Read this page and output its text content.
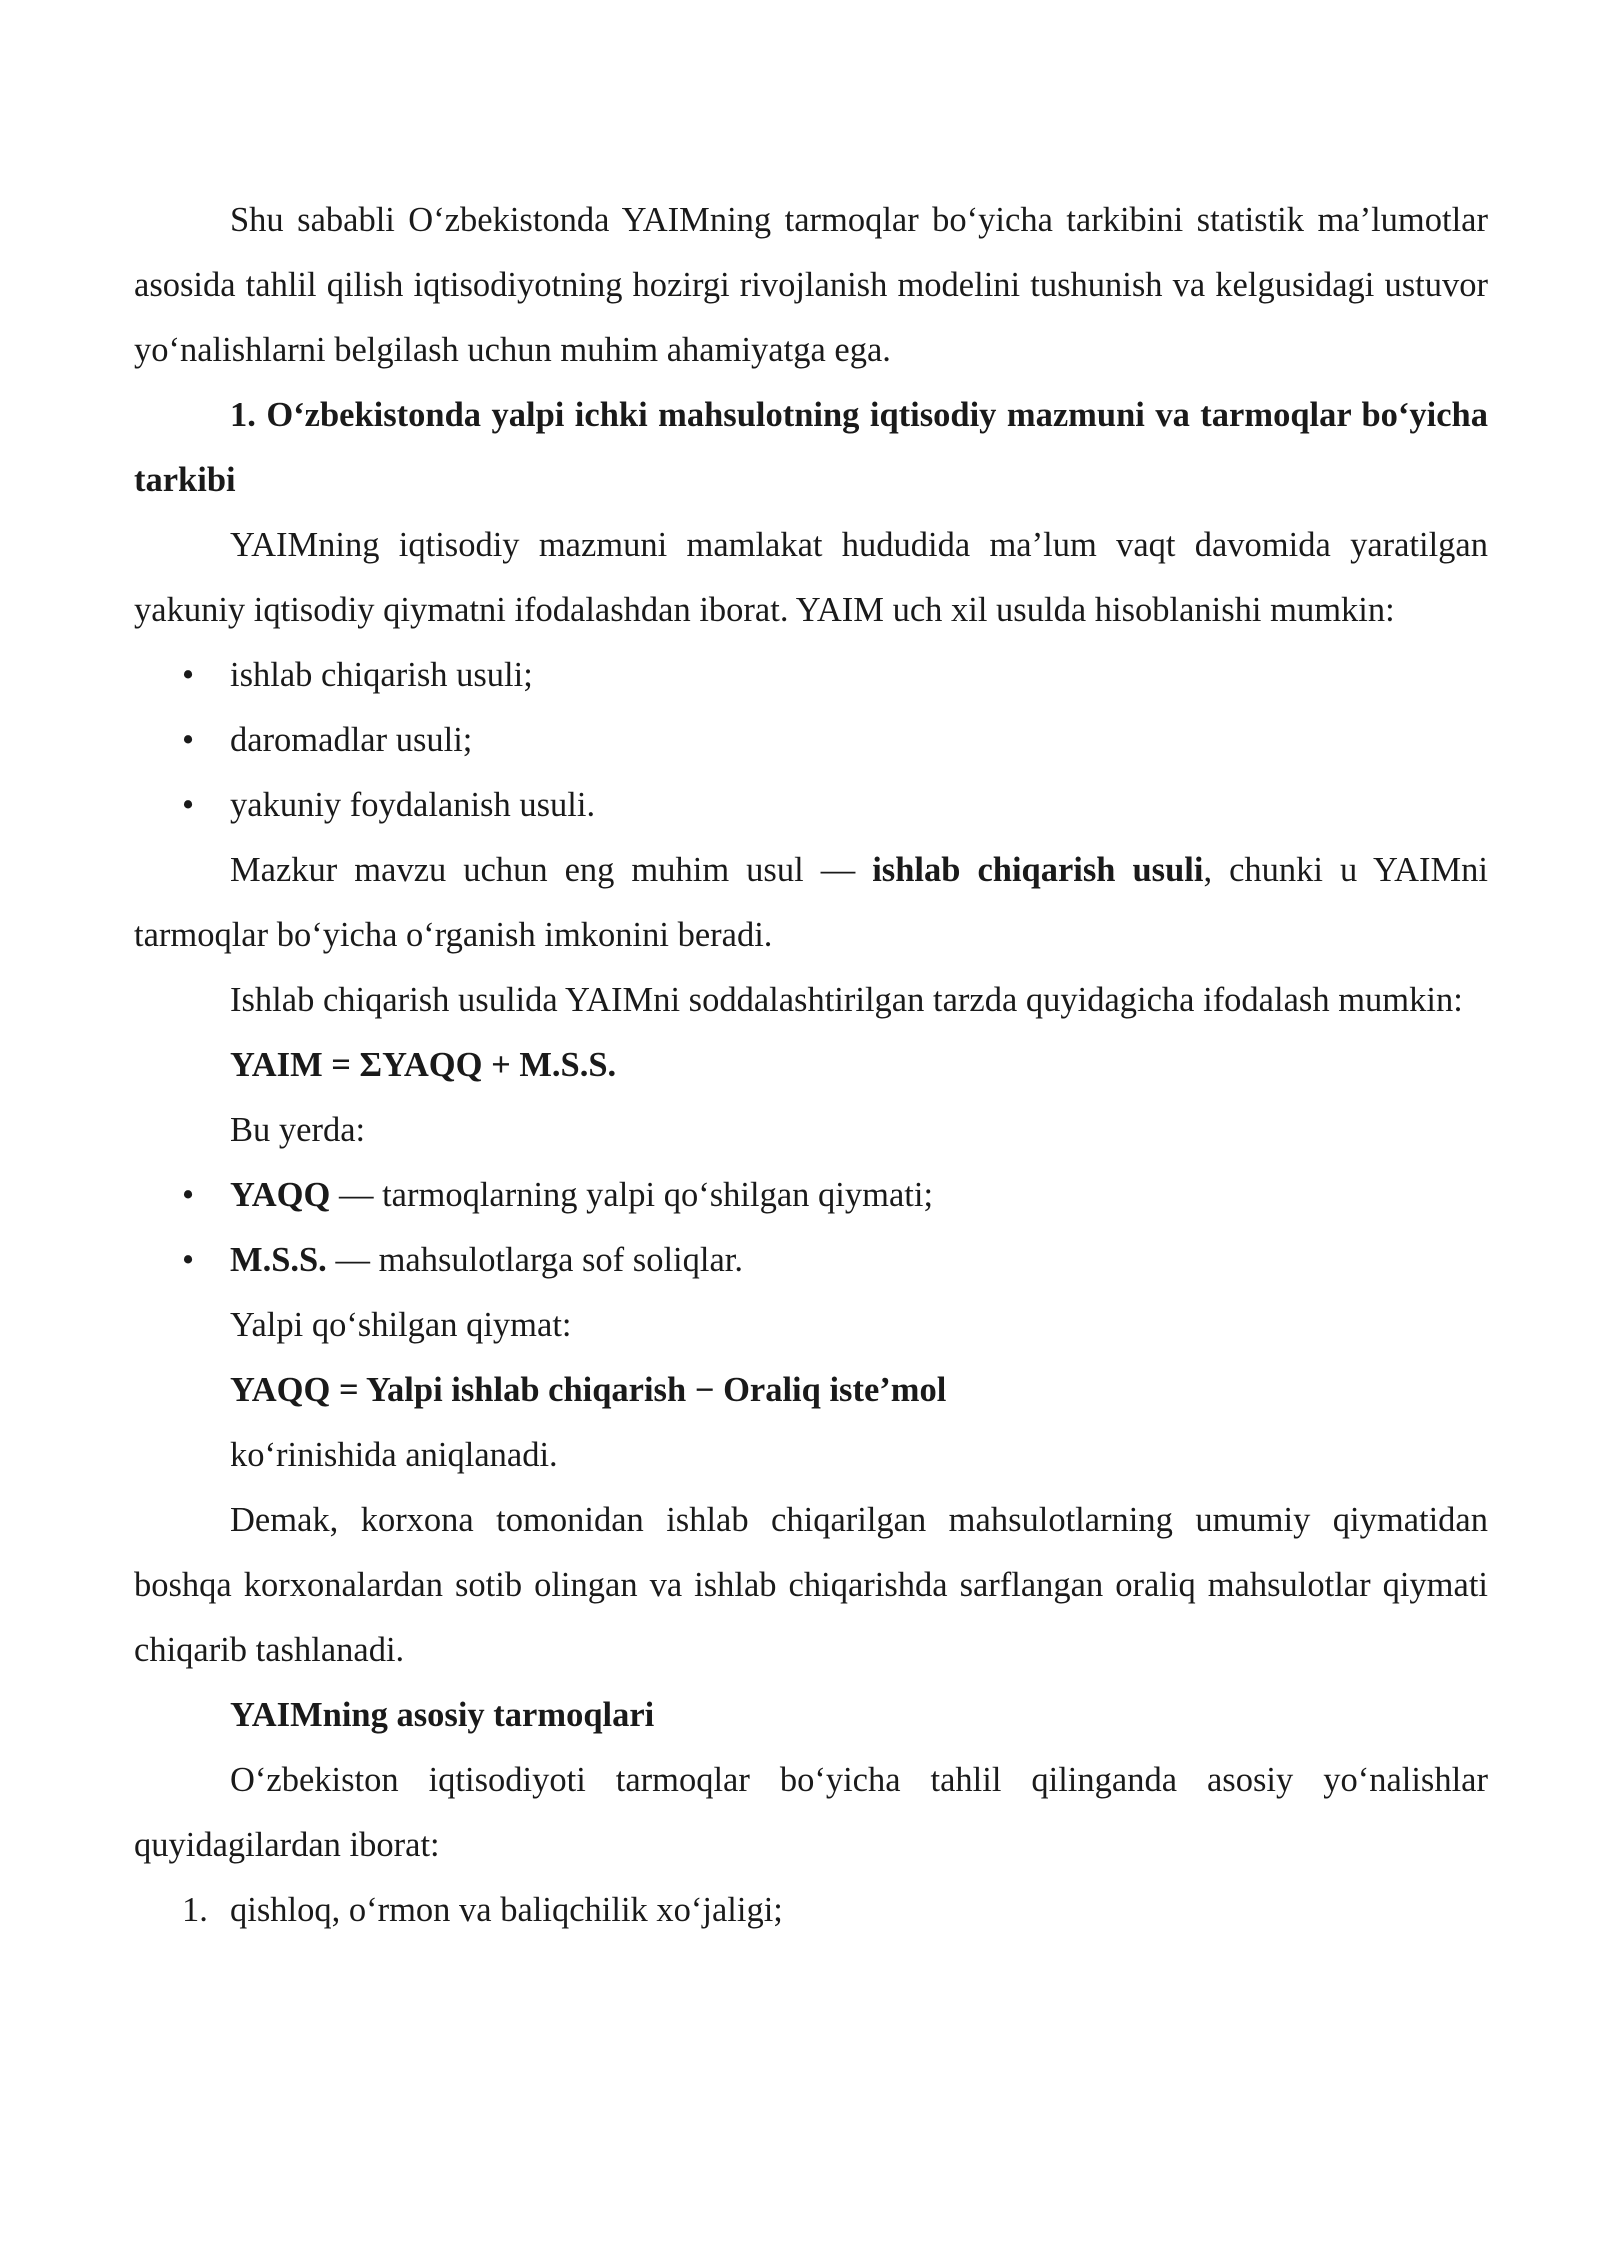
Shu sababli O‘zbekistonda YAIMning tarmoqlar bo‘yicha tarkibini statistik ma’lumotlar asosida tahlil qilish iqtisodiyotning hozirgi rivojlanish modelini tushunish va kelgusidagi ustuvor yo‘nalishlarni belgilash uchun muhim ahamiyatga ega.

1. O‘zbekistonda yalpi ichki mahsulotning iqtisodiy mazmuni va tarmoqlar bo‘yicha tarkibi

YAIMning iqtisodiy mazmuni mamlakat hududida ma’lum vaqt davomida yaratilgan yakuniy iqtisodiy qiymatni ifodalashdan iborat. YAIM uch xil usulda hisoblanishi mumkin:

• ishlab chiqarish usuli;
• daromadlar usuli;
• yakuniy foydalanish usuli.

Mazkur mavzu uchun eng muhim usul — ishlab chiqarish usuli, chunki u YAIMni tarmoqlar bo‘yicha o‘rganish imkonini beradi.

Ishlab chiqarish usulida YAIMni soddalashtirilgan tarzda quyidagicha ifodalash mumkin:

YAIM = ΣYAQQ + M.S.S.

Bu yerda:

• YAQQ — tarmoqlarning yalpi qo‘shilgan qiymati;
• M.S.S. — mahsulotlarga sof soliqlar.

Yalpi qo‘shilgan qiymat:

YAQQ = Yalpi ishlab chiqarish − Oraliq iste’mol

ko‘rinishida aniqlanadi.

Demak, korxona tomonidan ishlab chiqarilgan mahsulotlarning umumiy qiymatidan boshqa korxonalardan sotib olingan va ishlab chiqarishda sarflangan oraliq mahsulotlar qiymati chiqarib tashlanadi.

YAIMning asosiy tarmoqlari

O‘zbekiston iqtisodiyoti tarmoqlar bo‘yicha tahlil qilinganda asosiy yo‘nalishlar quyidagilardan iborat:

1. qishloq, o‘rmon va baliqchilik xo‘jaligi;
